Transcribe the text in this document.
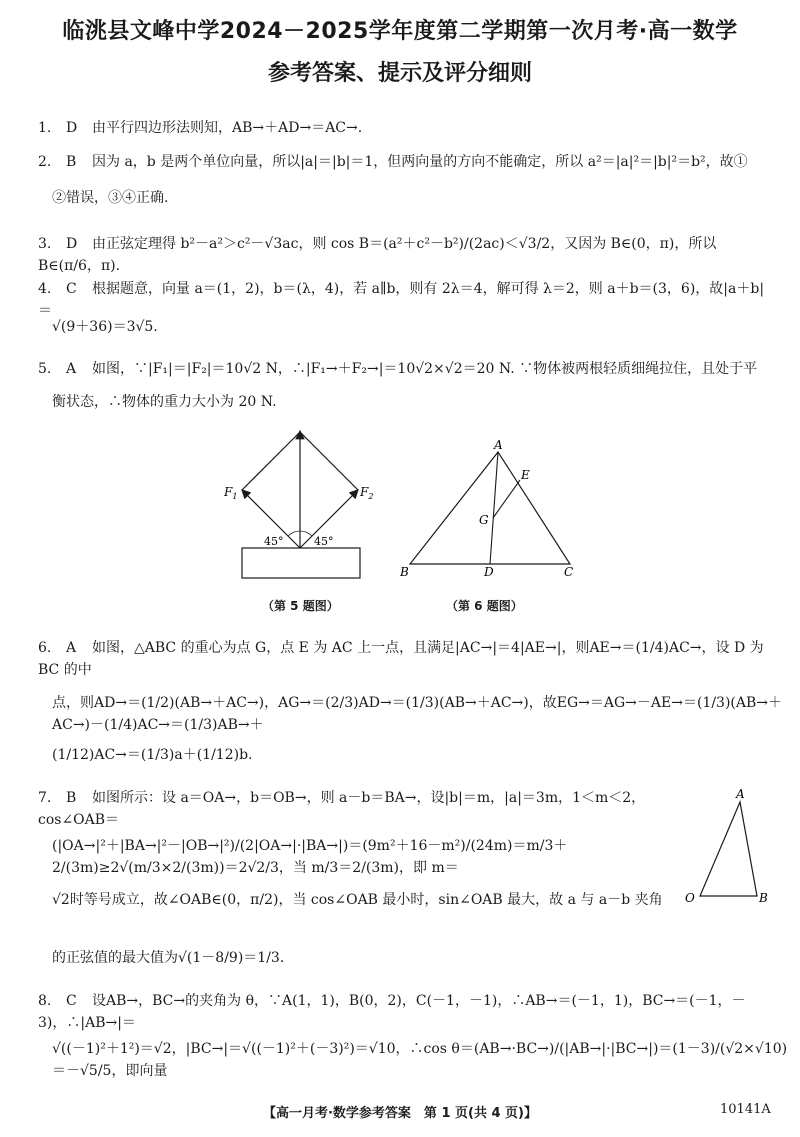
临洮县文峰中学2024－2025学年度第二学期第一次月考·高一数学
参考答案、提示及评分细则
1. D 由平行四边形法则知，AB→＋AD→＝AC→.
2. B 因为 a，b 是两个单位向量，所以|a|＝|b|＝1，但两向量的方向不能确定，所以 a²＝|a|²＝|b|²＝b²，故①
②错误，③④正确.
3. D 由正弦定理得 b²－a²＞c²－√3ac，则 cos B＝(a²＋c²－b²)/(2ac)＜√3/2，又因为 B∈(0，π)，所以 B∈(π/6，π).
4. C 根据题意，向量 a＝(1，2)，b＝(λ，4)，若 a∥b，则有 2λ＝4，解可得 λ＝2，则 a＋b＝(3，6)，故|a＋b|＝
√(9＋36)＝3√5.
5. A 如图，∵|F₁|＝|F₂|＝10√2 N，∴|F₁→＋F₂→|＝10√2×√2＝20 N. ∵物体被两根轻质细绳拉住，且处于平
衡状态，∴物体的重力大小为 20 N.
$F_1$	$F_2$
45°	45°
（第 5 题图）
A
B	C
D
E
G
（第 6 题图）
6. A 如图，△ABC 的重心为点 G，点 E 为 AC 上一点，且满足|AC→|＝4|AE→|，则AE→＝(1/4)AC→，设 D 为 BC 的中
点，则AD→＝(1/2)(AB→＋AC→)，AG→＝(2/3)AD→＝(1/3)(AB→＋AC→)，故EG→＝AG→－AE→＝(1/3)(AB→＋AC→)－(1/4)AC→＝(1/3)AB→＋
(1/12)AC→＝(1/3)a＋(1/12)b.
7. B 如图所示：设 a＝OA→，b＝OB→，则 a－b＝BA→，设|b|＝m，|a|＝3m，1＜m＜2，cos∠OAB＝
(|OA→|²＋|BA→|²－|OB→|²)/(2|OA→|·|BA→|)＝(9m²＋16－m²)/(24m)＝m/3＋2/(3m)≥2√(m/3×2/(3m))＝2√2/3，当 m/3＝2/(3m)，即 m＝
√2时等号成立，故∠OAB∈(0，π/2)，当 cos∠OAB 最小时，sin∠OAB 最大，故 a 与 a－b 夹角
的正弦值的最大值为√(1－8/9)＝1/3.
A
O	B
8. C 设AB→，BC→的夹角为 θ，∵A(1，1)，B(0，2)，C(－1，－1)，∴AB→＝(－1，1)，BC→＝(－1，－3)，∴|AB→|＝
√((－1)²＋1²)＝√2，|BC→|＝√((－1)²＋(－3)²)＝√10，∴cos θ＝(AB→·BC→)/(|AB→|·|BC→|)＝(1－3)/(√2×√10)＝－√5/5，即向量
【高一月考·数学参考答案　第 1 页(共 4 页)】	10141A
